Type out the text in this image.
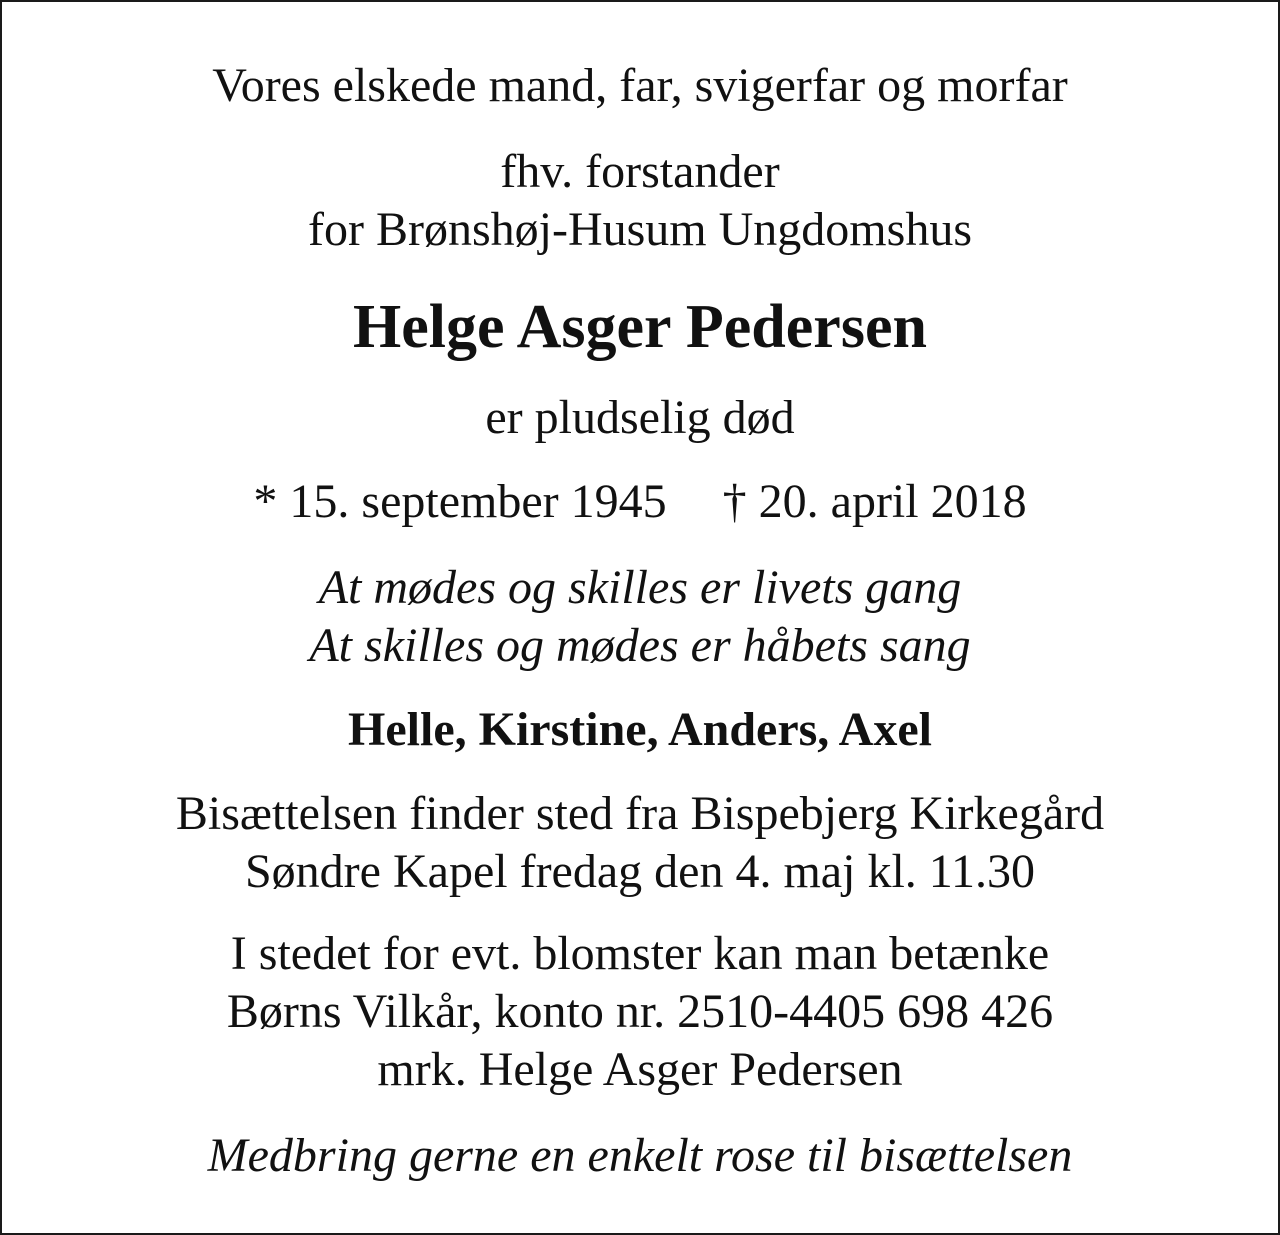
Vores elskede mand, far, svigerfar og morfar
fhv. forstander
for Brønshøj-Husum Ungdomshus
Helge Asger Pedersen
er pludselig død
* 15. september 1945 † 20. april 2018
At mødes og skilles er livets gang
At skilles og mødes er håbets sang
Helle, Kirstine, Anders, Axel
Bisættelsen finder sted fra Bispebjerg Kirkegård
Søndre Kapel fredag den 4. maj kl. 11.30
I stedet for evt. blomster kan man betænke
Børns Vilkår, konto nr. 2510-4405 698 426
mrk. Helge Asger Pedersen
Medbring gerne en enkelt rose til bisættelsen
